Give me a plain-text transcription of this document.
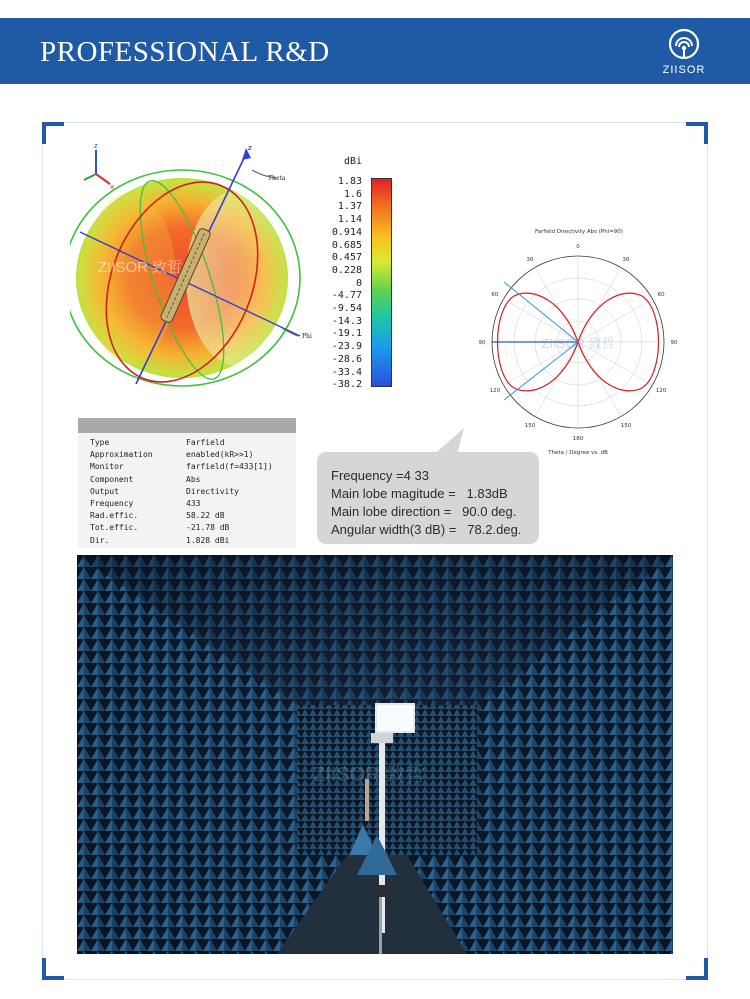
PROFESSIONAL R&D
ZIISOR
z
x
z
Theta
Phi
ZIISOR 致哲
dBi
1.83
1.6
1.37
1.14
0.914
0.685
0.457
0.228
0
-4.77
-9.54
-14.3
-19.1
-23.9
-28.6
-33.4
-38.2
Farfield Directivity Abs (Phi=90)
0
30
60
90
120
150
180
150
120
90
60
30
ZIISOR 致哲
Theta / Degree vs. dB
Type	Farfield
Approximation	enabled(kR>>1)
Monitor	farfield(f=433[1])
Component	Abs
Output	Directivity
Frequency	433
Rad.effic.	58.22 dB
Tot.effic.	-21.78 dB
Dir.	1.828 dBi
Frequency =4 33
Main lobe magitude =   1.83dB
Main lobe direction =   90.0 deg.
Angular width(3 dB) =   78.2.deg.
ZIISOR 致哲
